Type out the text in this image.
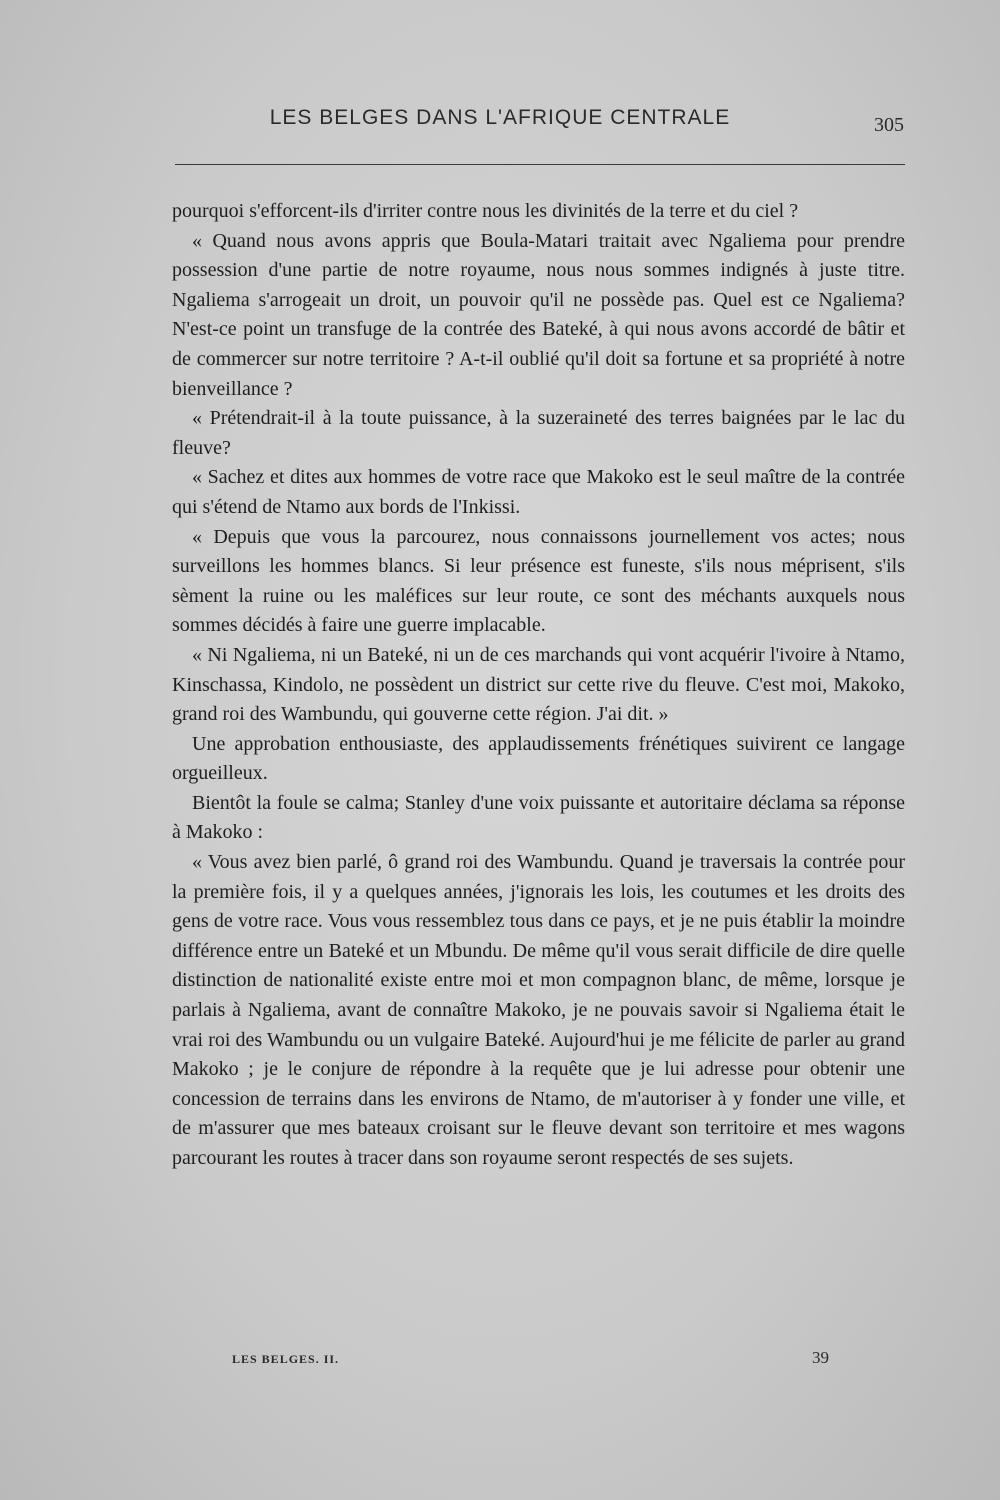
LES BELGES DANS L'AFRIQUE CENTRALE	305

pourquoi s'efforcent-ils d'irriter contre nous les divinités de la terre et du ciel ?

« Quand nous avons appris que Boula-Matari traitait avec Ngaliema pour prendre possession d'une partie de notre royaume, nous nous sommes indignés à juste titre. Ngaliema s'arrogeait un droit, un pouvoir qu'il ne possède pas. Quel est ce Ngaliema? N'est-ce point un transfuge de la contrée des Bateké, à qui nous avons accordé de bâtir et de commercer sur notre territoire ? A-t-il oublié qu'il doit sa fortune et sa propriété à notre bienveillance ?

« Prétendrait-il à la toute puissance, à la suzeraineté des terres baignées par le lac du fleuve?

« Sachez et dites aux hommes de votre race que Makoko est le seul maître de la contrée qui s'étend de Ntamo aux bords de l'Inkissi.

« Depuis que vous la parcourez, nous connaissons journellement vos actes; nous surveillons les hommes blancs. Si leur présence est funeste, s'ils nous méprisent, s'ils sèment la ruine ou les maléfices sur leur route, ce sont des méchants auxquels nous sommes décidés à faire une guerre implacable.

« Ni Ngaliema, ni un Bateké, ni un de ces marchands qui vont acquérir l'ivoire à Ntamo, Kinschassa, Kindolo, ne possèdent un district sur cette rive du fleuve. C'est moi, Makoko, grand roi des Wambundu, qui gouverne cette région. J'ai dit. »

Une approbation enthousiaste, des applaudissements frénétiques suivirent ce langage orgueilleux.

Bientôt la foule se calma; Stanley d'une voix puissante et autoritaire déclama sa réponse à Makoko :

« Vous avez bien parlé, ô grand roi des Wambundu. Quand je traversais la contrée pour la première fois, il y a quelques années, j'ignorais les lois, les coutumes et les droits des gens de votre race. Vous vous ressemblez tous dans ce pays, et je ne puis établir la moindre différence entre un Bateké et un Mbundu. De même qu'il vous serait difficile de dire quelle distinction de nationalité existe entre moi et mon compagnon blanc, de même, lorsque je parlais à Ngaliema, avant de connaître Makoko, je ne pouvais savoir si Ngaliema était le vrai roi des Wambundu ou un vulgaire Bateké. Aujourd'hui je me félicite de parler au grand Makoko ; je le conjure de répondre à la requête que je lui adresse pour obtenir une concession de terrains dans les environs de Ntamo, de m'autoriser à y fonder une ville, et de m'assurer que mes bateaux croisant sur le fleuve devant son territoire et mes wagons parcourant les routes à tracer dans son royaume seront respectés de ses sujets.

LES BELGES. II.	39
